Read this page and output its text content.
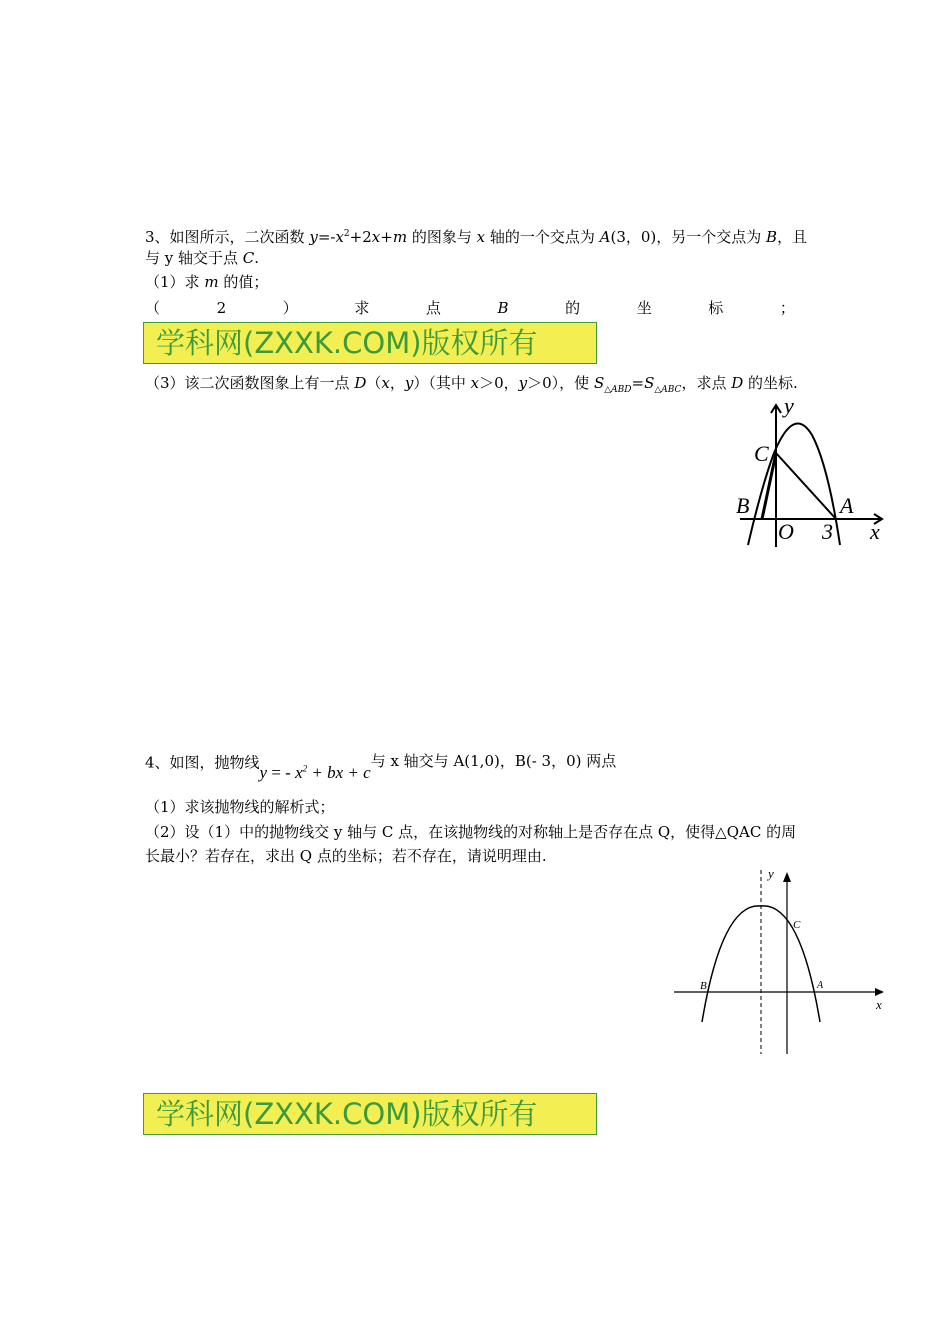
3、如图所示，二次函数 $y=-x^2+2x+m$ 的图象与 x 轴的一个交点为 A(3，0)，另一个交点为 B，且
与 y 轴交于点 C.
（1）求 m 的值；
（	2	）	求	点	B	的	坐	标	；
学科网(ZXXK.COM)版权所有
（3）该二次函数图象上有一点 D（x，y）（其中 x＞0，y＞0），使 $S_{\triangle ABD}=S_{\triangle ABC}$，求点 D 的坐标.
y
C
B
O 3
A
x
4、如图，抛物线y = - $x^2$ + bx + c与 x 轴交与 A(1,0)，B(- 3，0) 两点
（1）求该抛物线的解析式；
（2）设（1）中的抛物线交 y 轴与 C 点，在该抛物线的对称轴上是否存在点 Q，使得△QAC 的周
长最小？若存在，求出 Q 点的坐标；若不存在，请说明理由.
y
C
B	A
x
学科网(ZXXK.COM)版权所有
